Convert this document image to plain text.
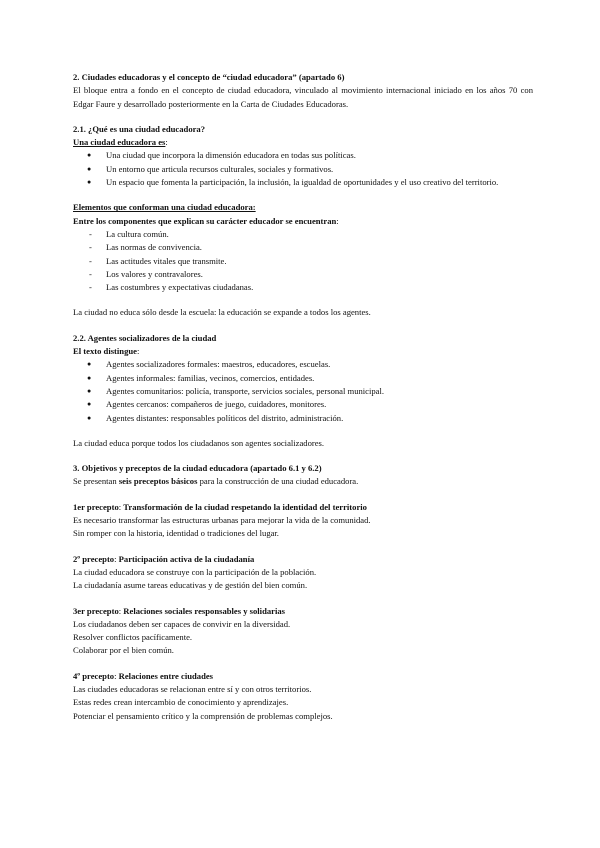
2. Ciudades educadoras y el concepto de “ciudad educadora” (apartado 6)

El bloque entra a fondo en el concepto de ciudad educadora, vinculado al movimiento internacional iniciado en los años 70 con Edgar Faure y desarrollado posteriormente en la Carta de Ciudades Educadoras.

2.1. ¿Qué es una ciudad educadora?

Una ciudad educadora es:

● Una ciudad que incorpora la dimensión educadora en todas sus políticas.
● Un entorno que articula recursos culturales, sociales y formativos.
● Un espacio que fomenta la participación, la inclusión, la igualdad de oportunidades y el uso creativo del territorio.

Elementos que conforman una ciudad educadora:

Entre los componentes que explican su carácter educador se encuentran:

- La cultura común.
- Las normas de convivencia.
- Las actitudes vitales que transmite.
- Los valores y contravalores.
- Las costumbres y expectativas ciudadanas.

La ciudad no educa sólo desde la escuela: la educación se expande a todos los agentes.

2.2. Agentes socializadores de la ciudad

El texto distingue:

● Agentes socializadores formales: maestros, educadores, escuelas.
● Agentes informales: familias, vecinos, comercios, entidades.
● Agentes comunitarios: policía, transporte, servicios sociales, personal municipal.
● Agentes cercanos: compañeros de juego, cuidadores, monitores.
● Agentes distantes: responsables políticos del distrito, administración.

La ciudad educa porque todos los ciudadanos son agentes socializadores.

3. Objetivos y preceptos de la ciudad educadora (apartado 6.1 y 6.2)

Se presentan seis preceptos básicos para la construcción de una ciudad educadora.

1er precepto: Transformación de la ciudad respetando la identidad del territorio

Es necesario transformar las estructuras urbanas para mejorar la vida de la comunidad.

Sin romper con la historia, identidad o tradiciones del lugar.

2º precepto: Participación activa de la ciudadanía

La ciudad educadora se construye con la participación de la población.

La ciudadanía asume tareas educativas y de gestión del bien común.

3er precepto: Relaciones sociales responsables y solidarias

Los ciudadanos deben ser capaces de convivir en la diversidad.

Resolver conflictos pacíficamente.

Colaborar por el bien común.

4º precepto: Relaciones entre ciudades

Las ciudades educadoras se relacionan entre sí y con otros territorios.

Estas redes crean intercambio de conocimiento y aprendizajes.

Potenciar el pensamiento crítico y la comprensión de problemas complejos.
